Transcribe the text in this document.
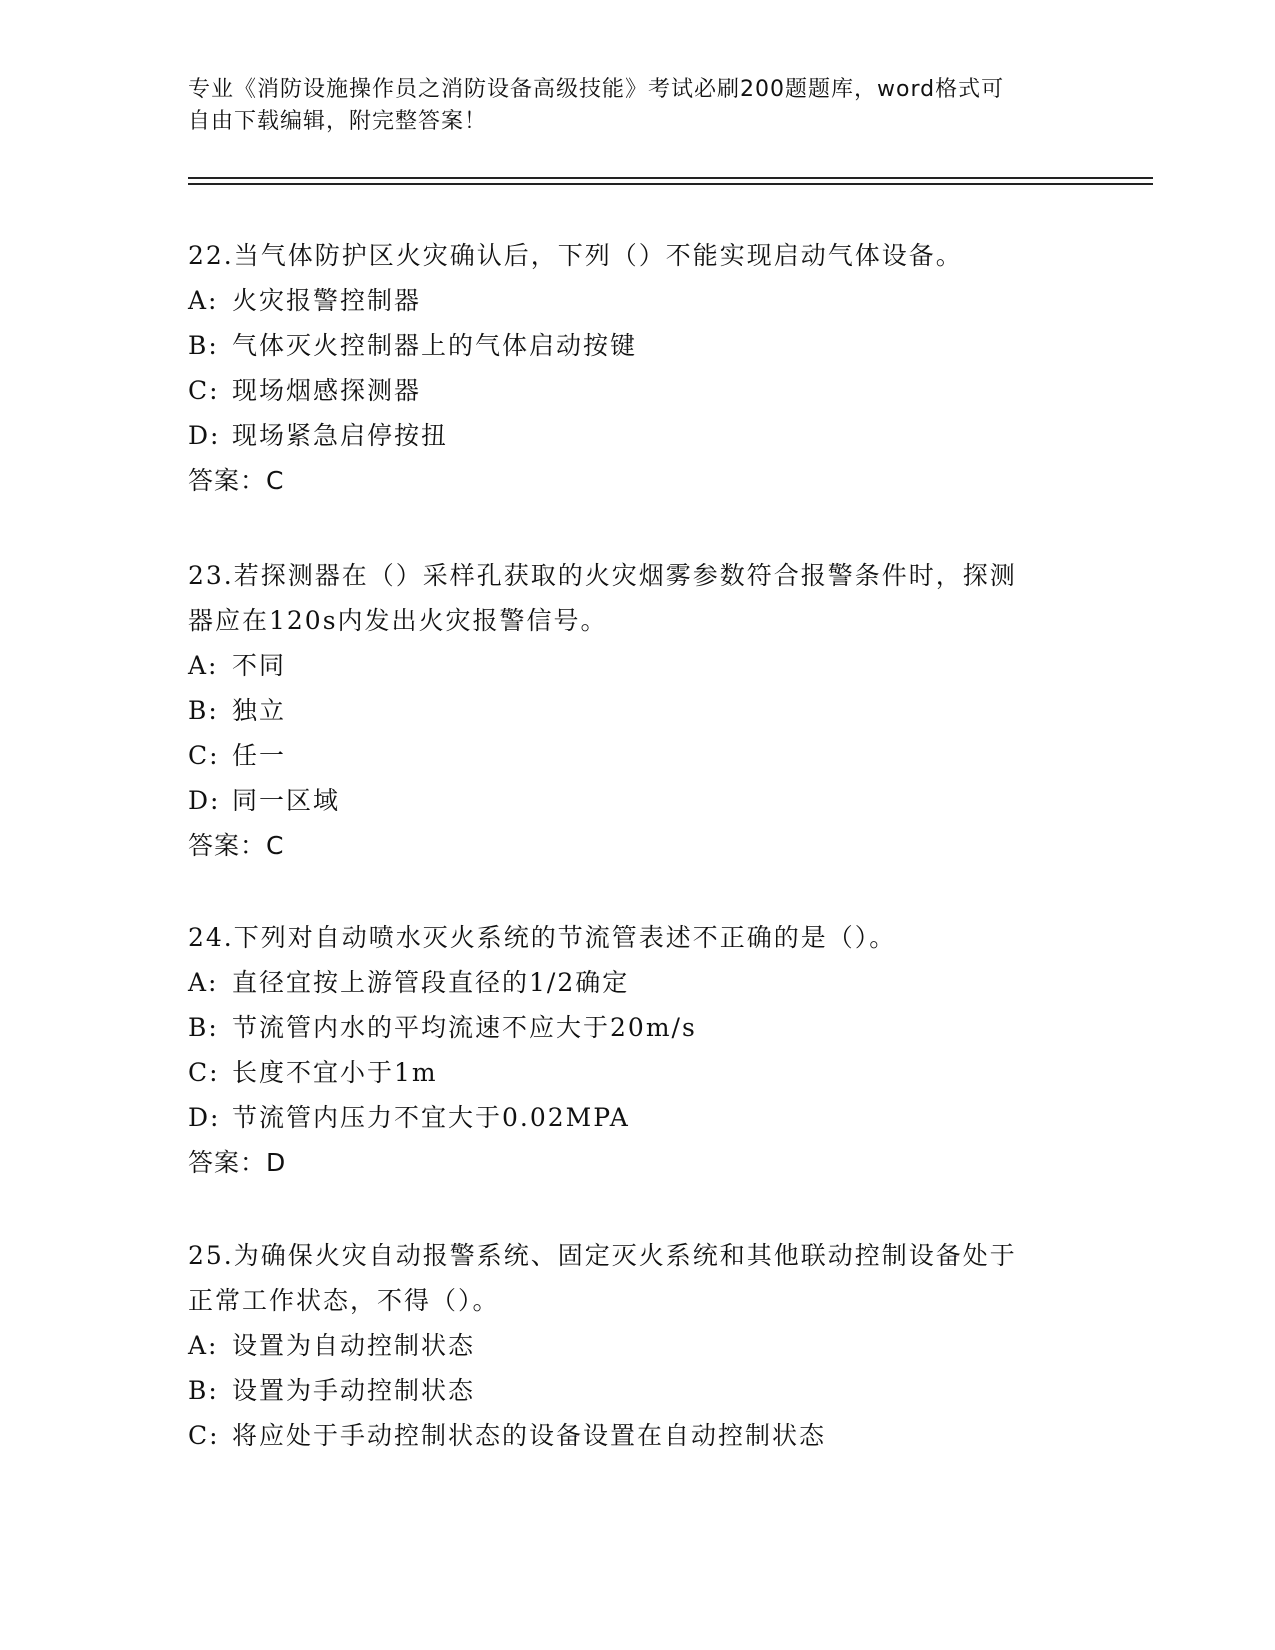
专业《消防设施操作员之消防设备高级技能》考试必刷200题题库，word格式可
自由下载编辑，附完整答案！

22.当气体防护区火灾确认后，下列（）不能实现启动气体设备。

A: 火灾报警控制器

B: 气体灭火控制器上的气体启动按键

C: 现场烟感探测器

D: 现场紧急启停按扭

答案：C

23.若探测器在（）采样孔获取的火灾烟雾参数符合报警条件时，探测

器应在120s内发出火灾报警信号。

A: 不同

B: 独立

C: 任一

D: 同一区域

答案：C

24.下列对自动喷水灭火系统的节流管表述不正确的是（）。

A: 直径宜按上游管段直径的1/2确定

B: 节流管内水的平均流速不应大于20m/s

C: 长度不宜小于1m

D: 节流管内压力不宜大于0.02MPA

答案：D

25.为确保火灾自动报警系统、固定灭火系统和其他联动控制设备处于

正常工作状态，不得（）。

A: 设置为自动控制状态

B: 设置为手动控制状态

C: 将应处于手动控制状态的设备设置在自动控制状态
